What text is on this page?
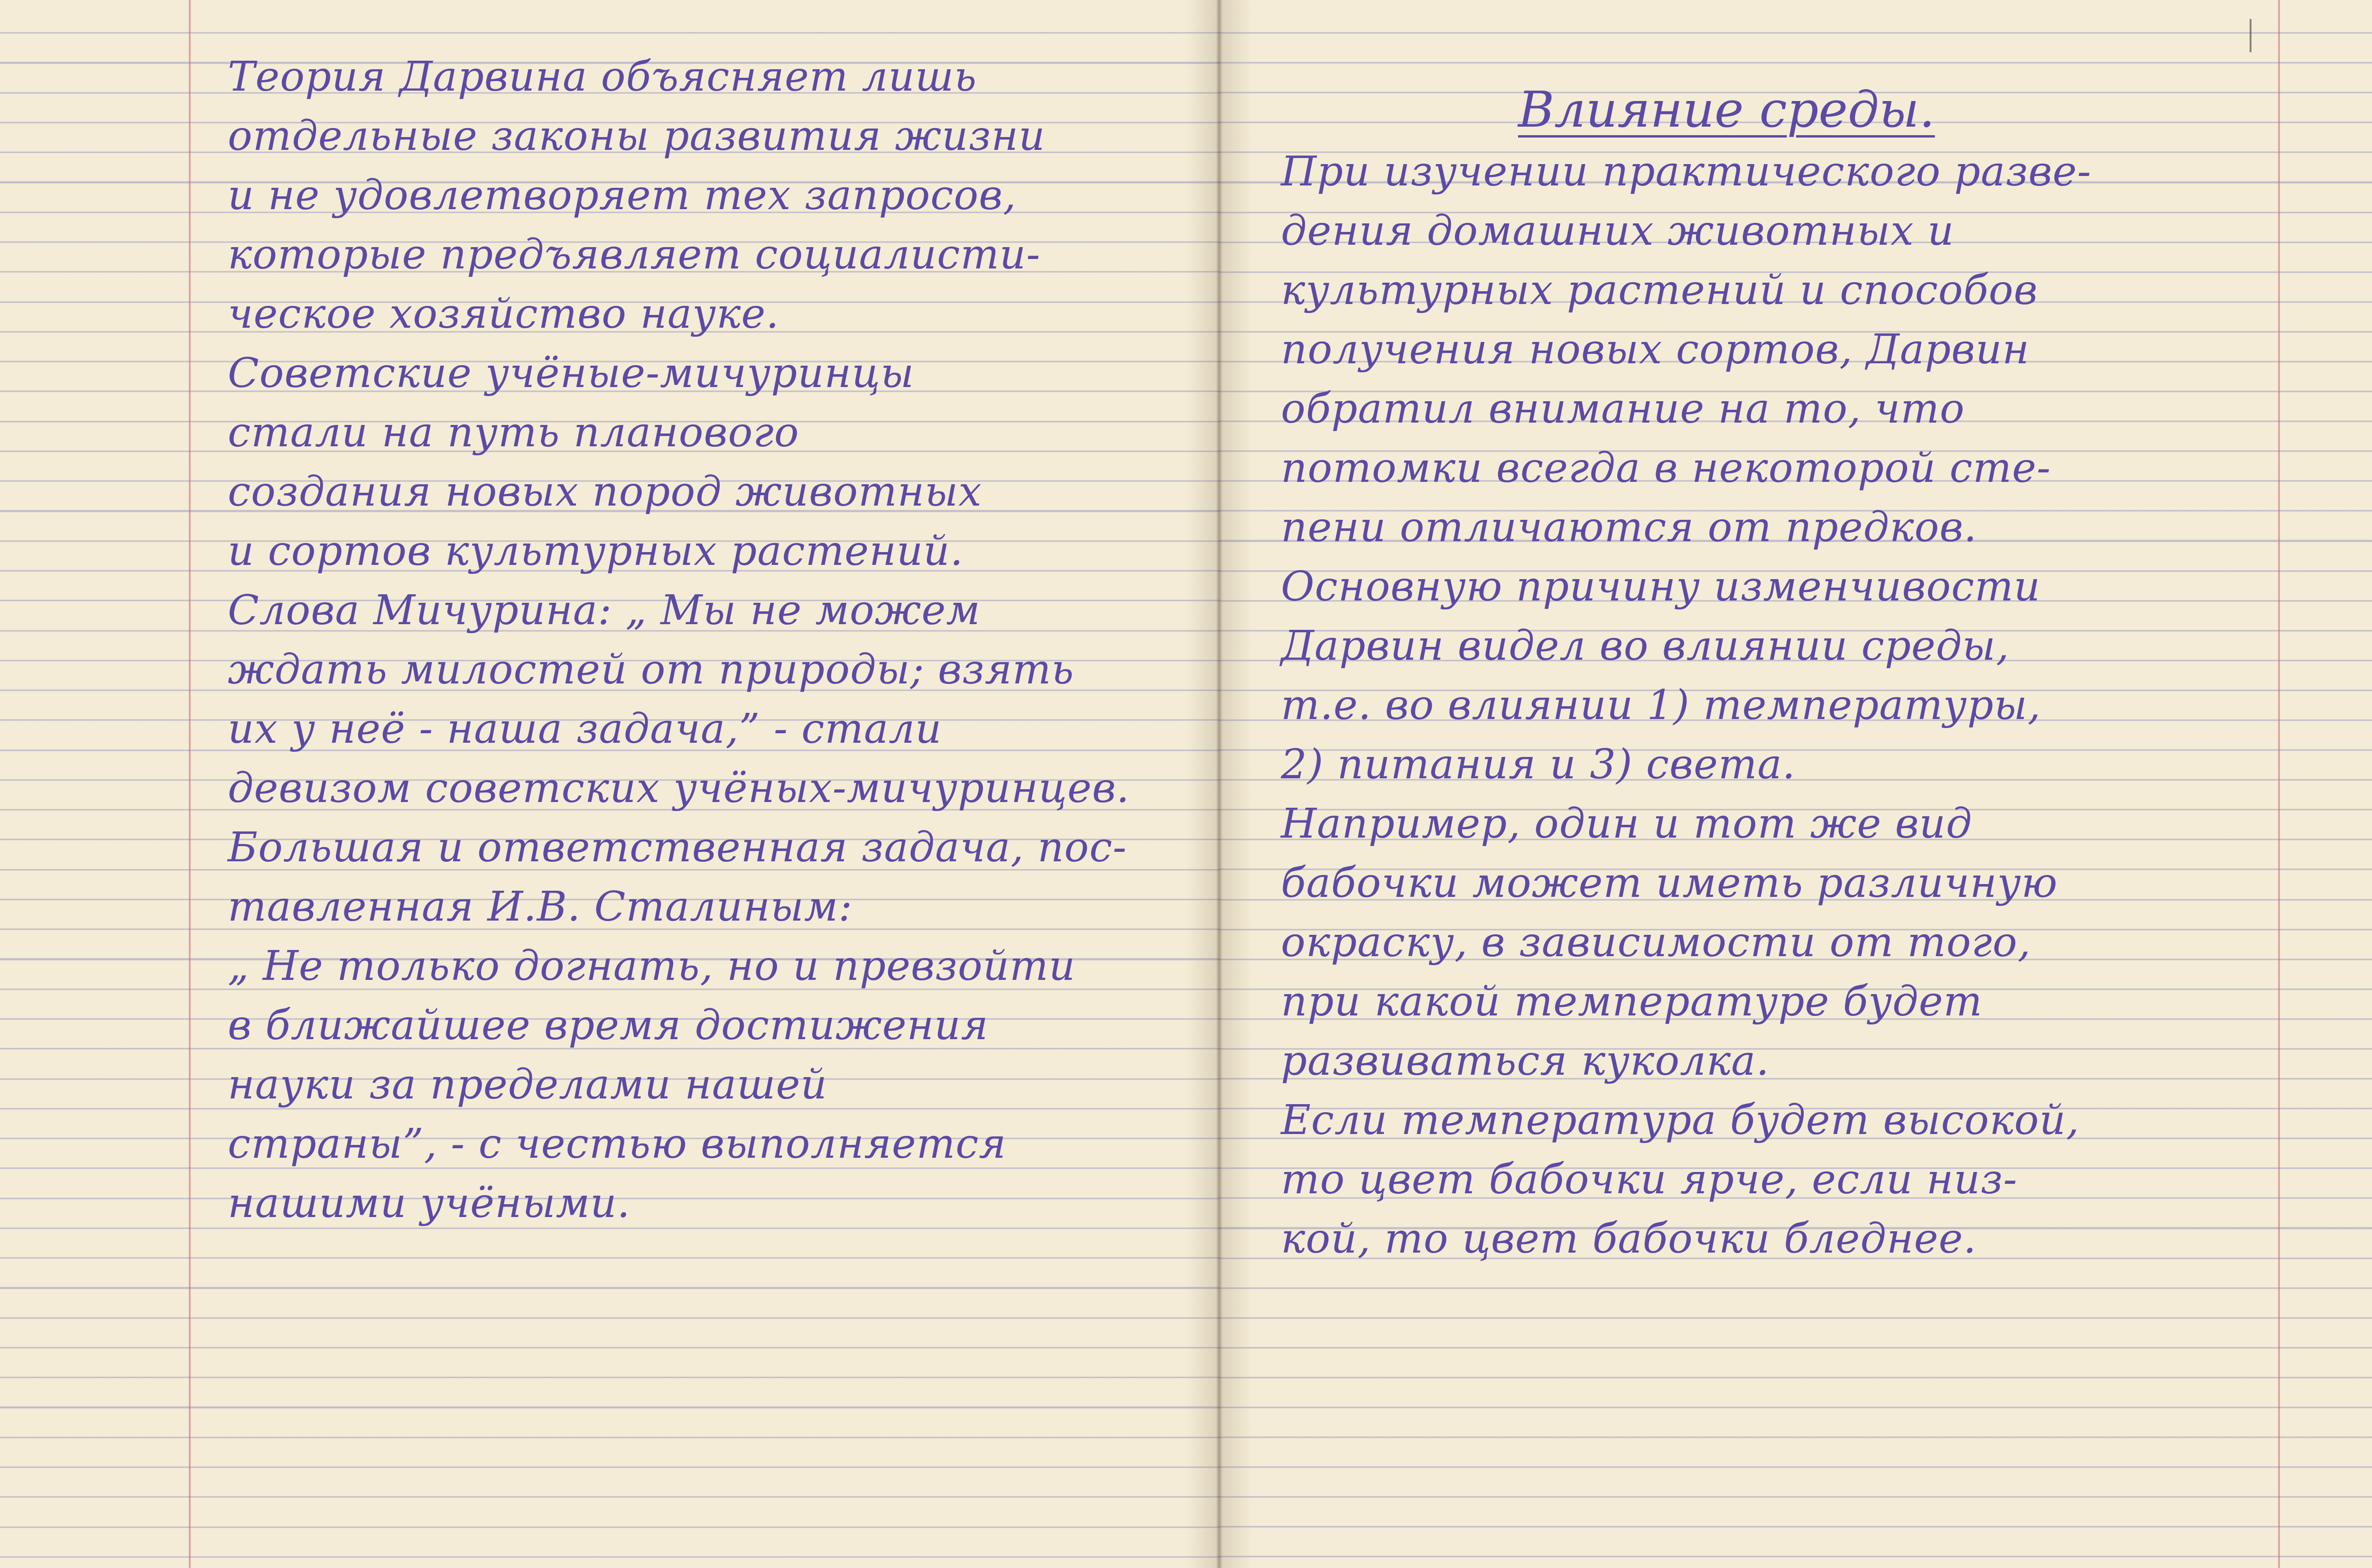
Теория Дарвина объясняет лишь
отдельные законы развития жизни
и не удовлетворяет тех запросов,
которые предъявляет социалисти-
ческое хозяйство науке.
Советские учёные-мичуринцы
стали на путь планового
создания новых пород животных
и сортов культурных растений.
Слова Мичурина: „ Мы не можем
ждать милостей от природы; взять
их у неё - наша задача,” - стали
девизом советских учёных-мичуринцев.
Большая и ответственная задача, пос-
тавленная И.В. Сталиным:
„ Не только догнать, но и превзойти
в ближайшее время достижения
науки за пределами нашей
страны”, - с честью выполняется
нашими учёными.
Влияние среды.
При изучении практического разве-
дения домашних животных и
культурных растений и способов
получения новых сортов, Дарвин
обратил внимание на то, что
потомки всегда в некоторой сте-
пени отличаются от предков.
Основную причину изменчивости
Дарвин видел во влиянии среды,
т.е. во влиянии 1) температуры,
2) питания и 3) света.
Например, один и тот же вид
бабочки может иметь различную
окраску, в зависимости от того,
при какой температуре будет
развиваться куколка.
Если температура будет высокой,
то цвет бабочки ярче, если низ-
кой, то цвет бабочки бледнее.
